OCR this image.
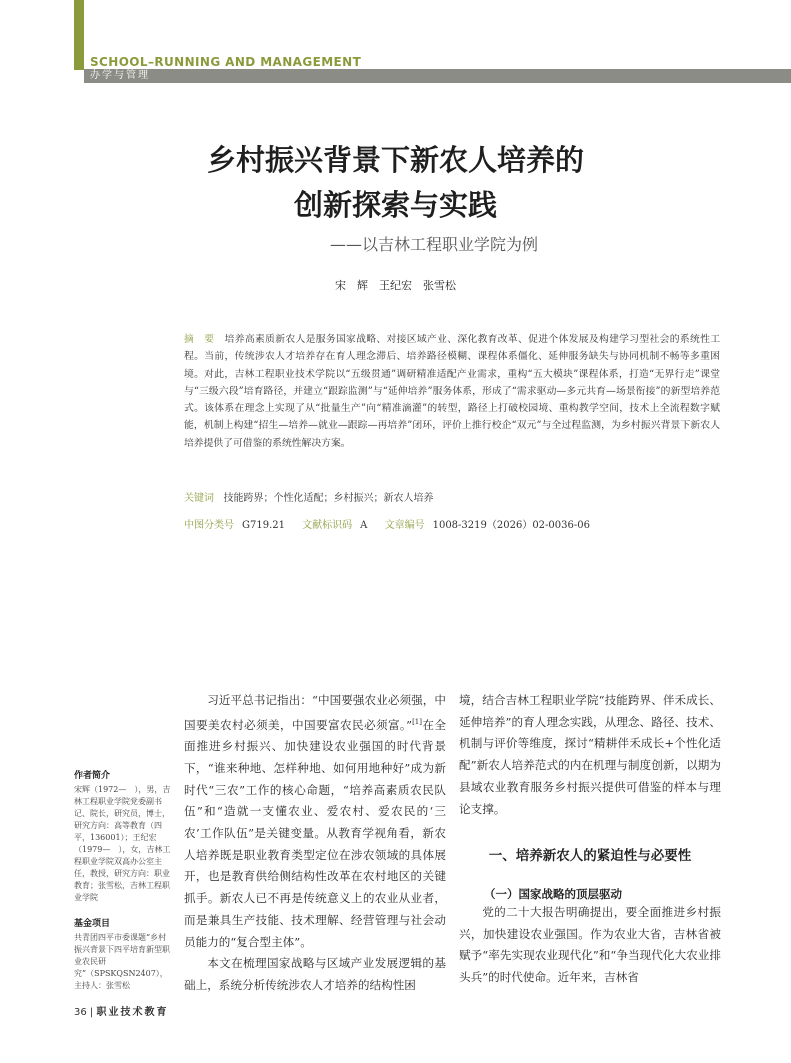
SCHOOL–RUNNING AND MANAGEMENT
办学与管理
乡村振兴背景下新农人培养的
创新探索与实践
——以吉林工程职业学院为例
宋　辉　王纪宏　张雪松
摘　要 培养高素质新农人是服务国家战略、对接区域产业、深化教育改革、促进个体发展及构建学习型社会的系统性工程。当前，传统涉农人才培养存在育人理念滞后、培养路径模糊、课程体系僵化、延伸服务缺失与协同机制不畅等多重困境。对此，吉林工程职业技术学院以“五级贯通”调研精准适配产业需求，重构“五大模块”课程体系，打造“无界行走”课堂与“三级六段”培育路径，并建立“跟踪监测”与“延伸培养”服务体系，形成了“需求驱动—多元共育—场景衔接”的新型培养范式。该体系在理念上实现了从“批量生产”向“精准滴灌”的转型，路径上打破校园境、重构教学空间，技术上全流程数字赋能，机制上构建“招生—培养—就业—跟踪—再培养”闭环，评价上推行校企“双元”与全过程监测，为乡村振兴背景下新农人培养提供了可借鉴的系统性解决方案。
关键词 技能跨界；个性化适配；乡村振兴；新农人培养
中图分类号 G719.21 文献标识码 A 文章编号 1008-3219（2026）02-0036-06
作者简介
宋辉（1972—　），男，吉林工程职业学院党委副书记、院长，研究员，博士，研究方向：高等教育（四平，136001）；王纪宏（1979—　），女，吉林工程职业学院双高办公室主任，教授，研究方向：职业教育；张雪松，吉林工程职业学院
基金项目
共青团四平市委课题“乡村振兴背景下四平培育新型职业农民研究”（SPSKQSN2407），主持人：张雪松
习近平总书记指出：“中国要强农业必须强，中国要美农村必须美，中国要富农民必须富。”[1]在全面推进乡村振兴、加快建设农业强国的时代背景下，“谁来种地、怎样种地、如何用地种好”成为新时代“三农”工作的核心命题，“培养高素质农民队伍”和“造就一支懂农业、爱农村、爱农民的‘三农’工作队伍”是关键变量。从教育学视角看，新农人培养既是职业教育类型定位在涉农领域的具体展开，也是教育供给侧结构性改革在农村地区的关键抓手。新农人已不再是传统意义上的农业从业者，而是兼具生产技能、技术理解、经营管理与社会动员能力的“复合型主体”。
本文在梳理国家战略与区域产业发展逻辑的基础上，系统分析传统涉农人才培养的结构性困
境，结合吉林工程职业学院“技能跨界、伴禾成长、延伸培养”的育人理念实践，从理念、路径、技术、机制与评价等维度，探讨“精耕伴禾成长+个性化适配”新农人培养范式的内在机理与制度创新，以期为县域农业教育服务乡村振兴提供可借鉴的样本与理论支撑。
一、培养新农人的紧迫性与必要性
（一）国家战略的顶层驱动
党的二十大报告明确提出，要全面推进乡村振兴，加快建设农业强国。作为农业大省，吉林省被赋予“率先实现农业现代化”和“争当现代化大农业排头兵”的时代使命。近年来，吉林省
36 | 职业技术教育
